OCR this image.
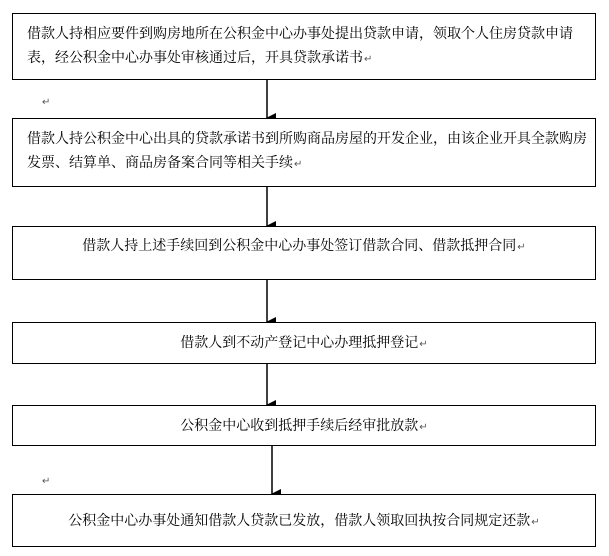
借款人持相应要件到购房地所在公积金中心办事处提出贷款申请，领取个人住房贷款申请表，经公积金中心办事处审核通过后，开具贷款承诺书↵
↵
借款人持公积金中心出具的贷款承诺书到所购商品房屋的开发企业，由该企业开具全款购房发票、结算单、商品房备案合同等相关手续↵
借款人持上述手续回到公积金中心办事处签订借款合同、借款抵押合同↵
借款人到不动产登记中心办理抵押登记↵
公积金中心收到抵押手续后经审批放款↵
↵
公积金中心办事处通知借款人贷款已发放，借款人领取回执按合同规定还款↵
